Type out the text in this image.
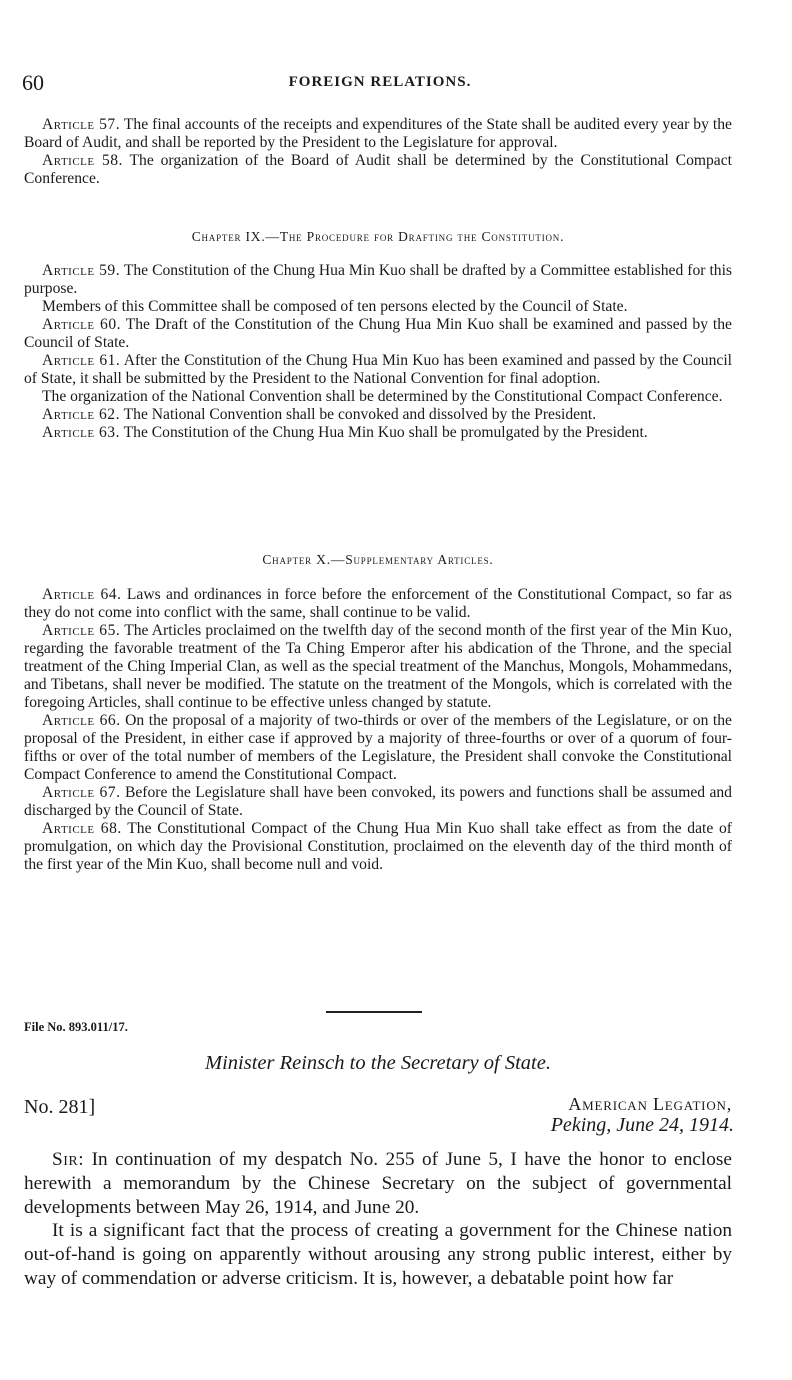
60	FOREIGN RELATIONS.

Article 57. The final accounts of the receipts and expenditures of the State shall be audited every year by the Board of Audit, and shall be reported by the President to the Legislature for approval.

Article 58. The organization of the Board of Audit shall be determined by the Constitutional Compact Conference.

Chapter IX.—The Procedure for Drafting the Constitution.

Article 59. The Constitution of the Chung Hua Min Kuo shall be drafted by a Committee established for this purpose.

Members of this Committee shall be composed of ten persons elected by the Council of State.

Article 60. The Draft of the Constitution of the Chung Hua Min Kuo shall be examined and passed by the Council of State.

Article 61. After the Constitution of the Chung Hua Min Kuo has been examined and passed by the Council of State, it shall be submitted by the President to the National Convention for final adoption.

The organization of the National Convention shall be determined by the Constitutional Compact Conference.

Article 62. The National Convention shall be convoked and dissolved by the President.

Article 63. The Constitution of the Chung Hua Min Kuo shall be promulgated by the President.

Chapter X.—Supplementary Articles.

Article 64. Laws and ordinances in force before the enforcement of the Constitutional Compact, so far as they do not come into conflict with the same, shall continue to be valid.

Article 65. The Articles proclaimed on the twelfth day of the second month of the first year of the Min Kuo, regarding the favorable treatment of the Ta Ching Emperor after his abdication of the Throne, and the special treatment of the Ching Imperial Clan, as well as the special treatment of the Manchus, Mongols, Mohammedans, and Tibetans, shall never be modified. The statute on the treatment of the Mongols, which is correlated with the foregoing Articles, shall continue to be effective unless changed by statute.

Article 66. On the proposal of a majority of two-thirds or over of the members of the Legislature, or on the proposal of the President, in either case if approved by a majority of three-fourths or over of a quorum of four-fifths or over of the total number of members of the Legislature, the President shall convoke the Constitutional Compact Conference to amend the Constitutional Compact.

Article 67. Before the Legislature shall have been convoked, its powers and functions shall be assumed and discharged by the Council of State.

Article 68. The Constitutional Compact of the Chung Hua Min Kuo shall take effect as from the date of promulgation, on which day the Provisional Constitution, proclaimed on the eleventh day of the third month of the first year of the Min Kuo, shall become null and void.

File No. 893.011/17.
Minister Reinsch to the Secretary of State.
No. 281]	American Legation,
Peking, June 24, 1914.

Sir: In continuation of my despatch No. 255 of June 5, I have the honor to enclose herewith a memorandum by the Chinese Secretary on the subject of governmental developments between May 26, 1914, and June 20.

It is a significant fact that the process of creating a government for the Chinese nation out-of-hand is going on apparently without arousing any strong public interest, either by way of commendation or adverse criticism. It is, however, a debatable point how far
